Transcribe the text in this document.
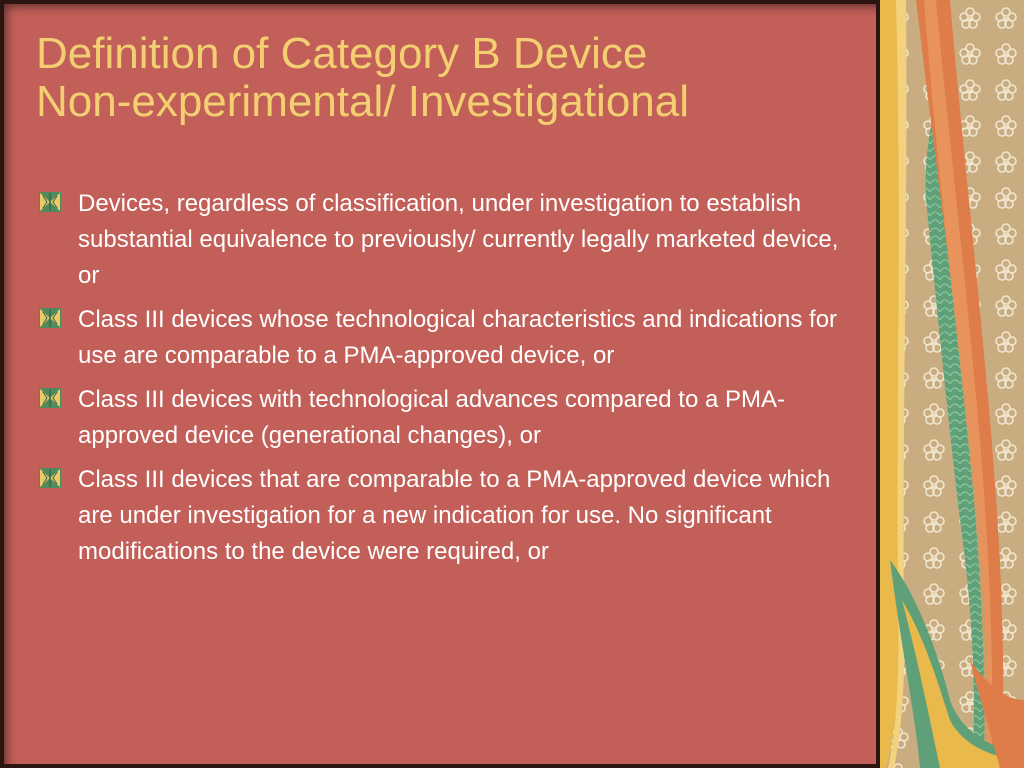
Definition of Category B Device
Non-experimental/ Investigational
Devices, regardless of classification, under investigation to establish substantial equivalence to previously/ currently legally marketed device, or
Class III devices whose technological characteristics and indications for use are comparable to a PMA-approved device, or
Class III devices with technological advances compared to a PMA-approved device (generational changes), or
Class III devices that are comparable to a PMA-approved device which are under investigation for a new indication for use. No significant modifications to the device were required, or
